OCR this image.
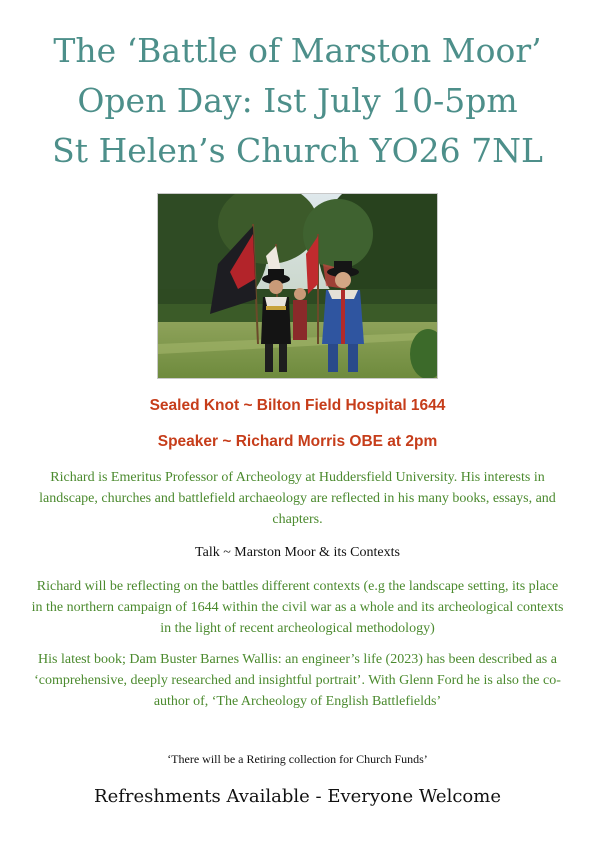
The ‘Battle of Marston Moor’
Open Day: Ist July 10-5pm
St Helen’s Church YO26 7NL
Sealed Knot ~ Bilton Field Hospital 1644
Speaker ~ Richard Morris OBE at 2pm
Richard is Emeritus Professor of Archeology at Huddersfield University. His interests in landscape, churches and battlefield archaeology are reflected in his many books, essays, and chapters.
Talk ~ Marston Moor & its Contexts
Richard will be reflecting on the battles different contexts (e.g the landscape setting, its place in the northern campaign of 1644 within the civil war as a whole and its archeological contexts in the light of recent archeological methodology)
His latest book; Dam Buster Barnes Wallis: an engineer’s life (2023) has been described as a ‘comprehensive, deeply researched and insightful portrait’. With Glenn Ford he is also the co-author of, ‘The Archeology of English Battlefields’
‘There will be a Retiring collection for Church Funds’
Refreshments Available - Everyone Welcome
